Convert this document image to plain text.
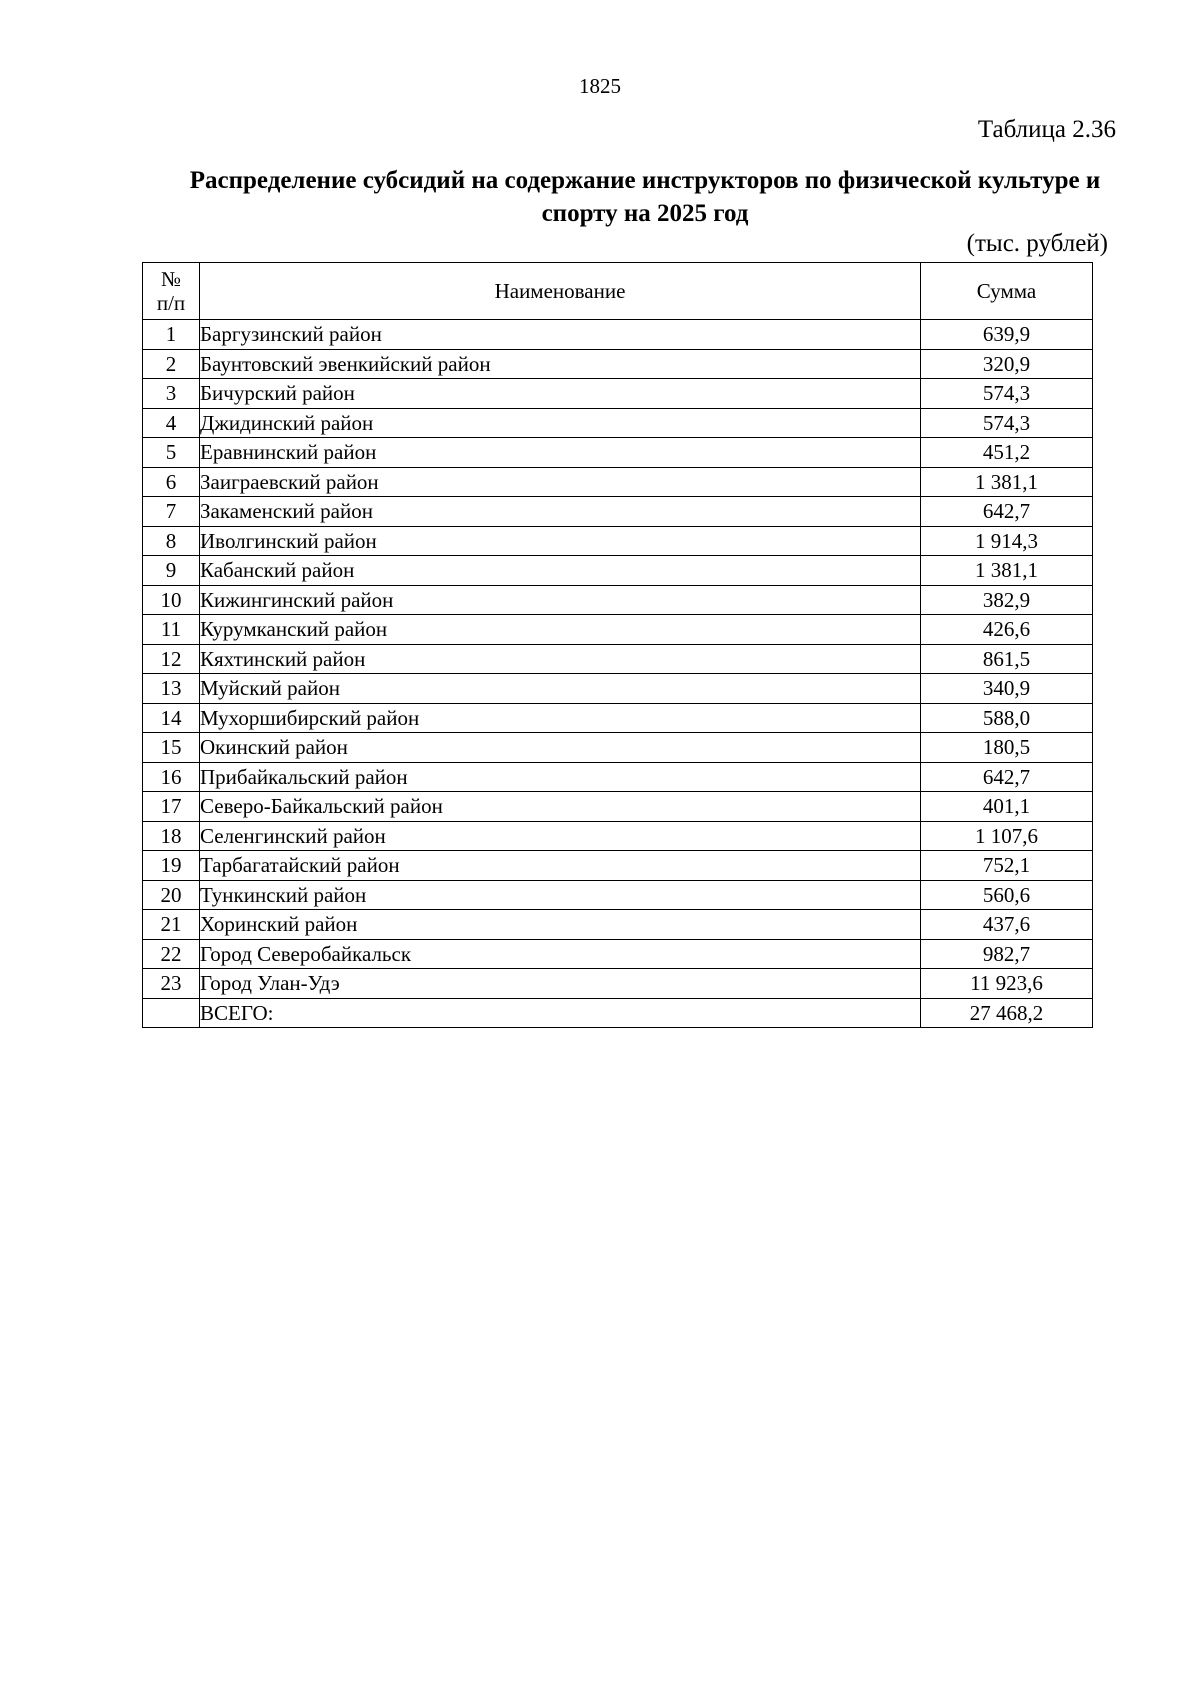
1825
Таблица 2.36
Распределение субсидий на содержание инструкторов по физической культуре и спорту на 2025 год
(тыс. рублей)
№
п/п	Наименование	Сумма
1	Баргузинский район	639,9
2	Баунтовский эвенкийский район	320,9
3	Бичурский район	574,3
4	Джидинский район	574,3
5	Еравнинский район	451,2
6	Заиграевский район	1 381,1
7	Закаменский район	642,7
8	Иволгинский район	1 914,3
9	Кабанский район	1 381,1
10	Кижингинский район	382,9
11	Курумканский район	426,6
12	Кяхтинский район	861,5
13	Муйский район	340,9
14	Мухоршибирский район	588,0
15	Окинский район	180,5
16	Прибайкальский район	642,7
17	Северо-Байкальский район	401,1
18	Селенгинский район	1 107,6
19	Тарбагатайский район	752,1
20	Тункинский район	560,6
21	Хоринский район	437,6
22	Город Северобайкальск	982,7
23	Город Улан-Удэ	11 923,6
	ВСЕГО:	27 468,2
